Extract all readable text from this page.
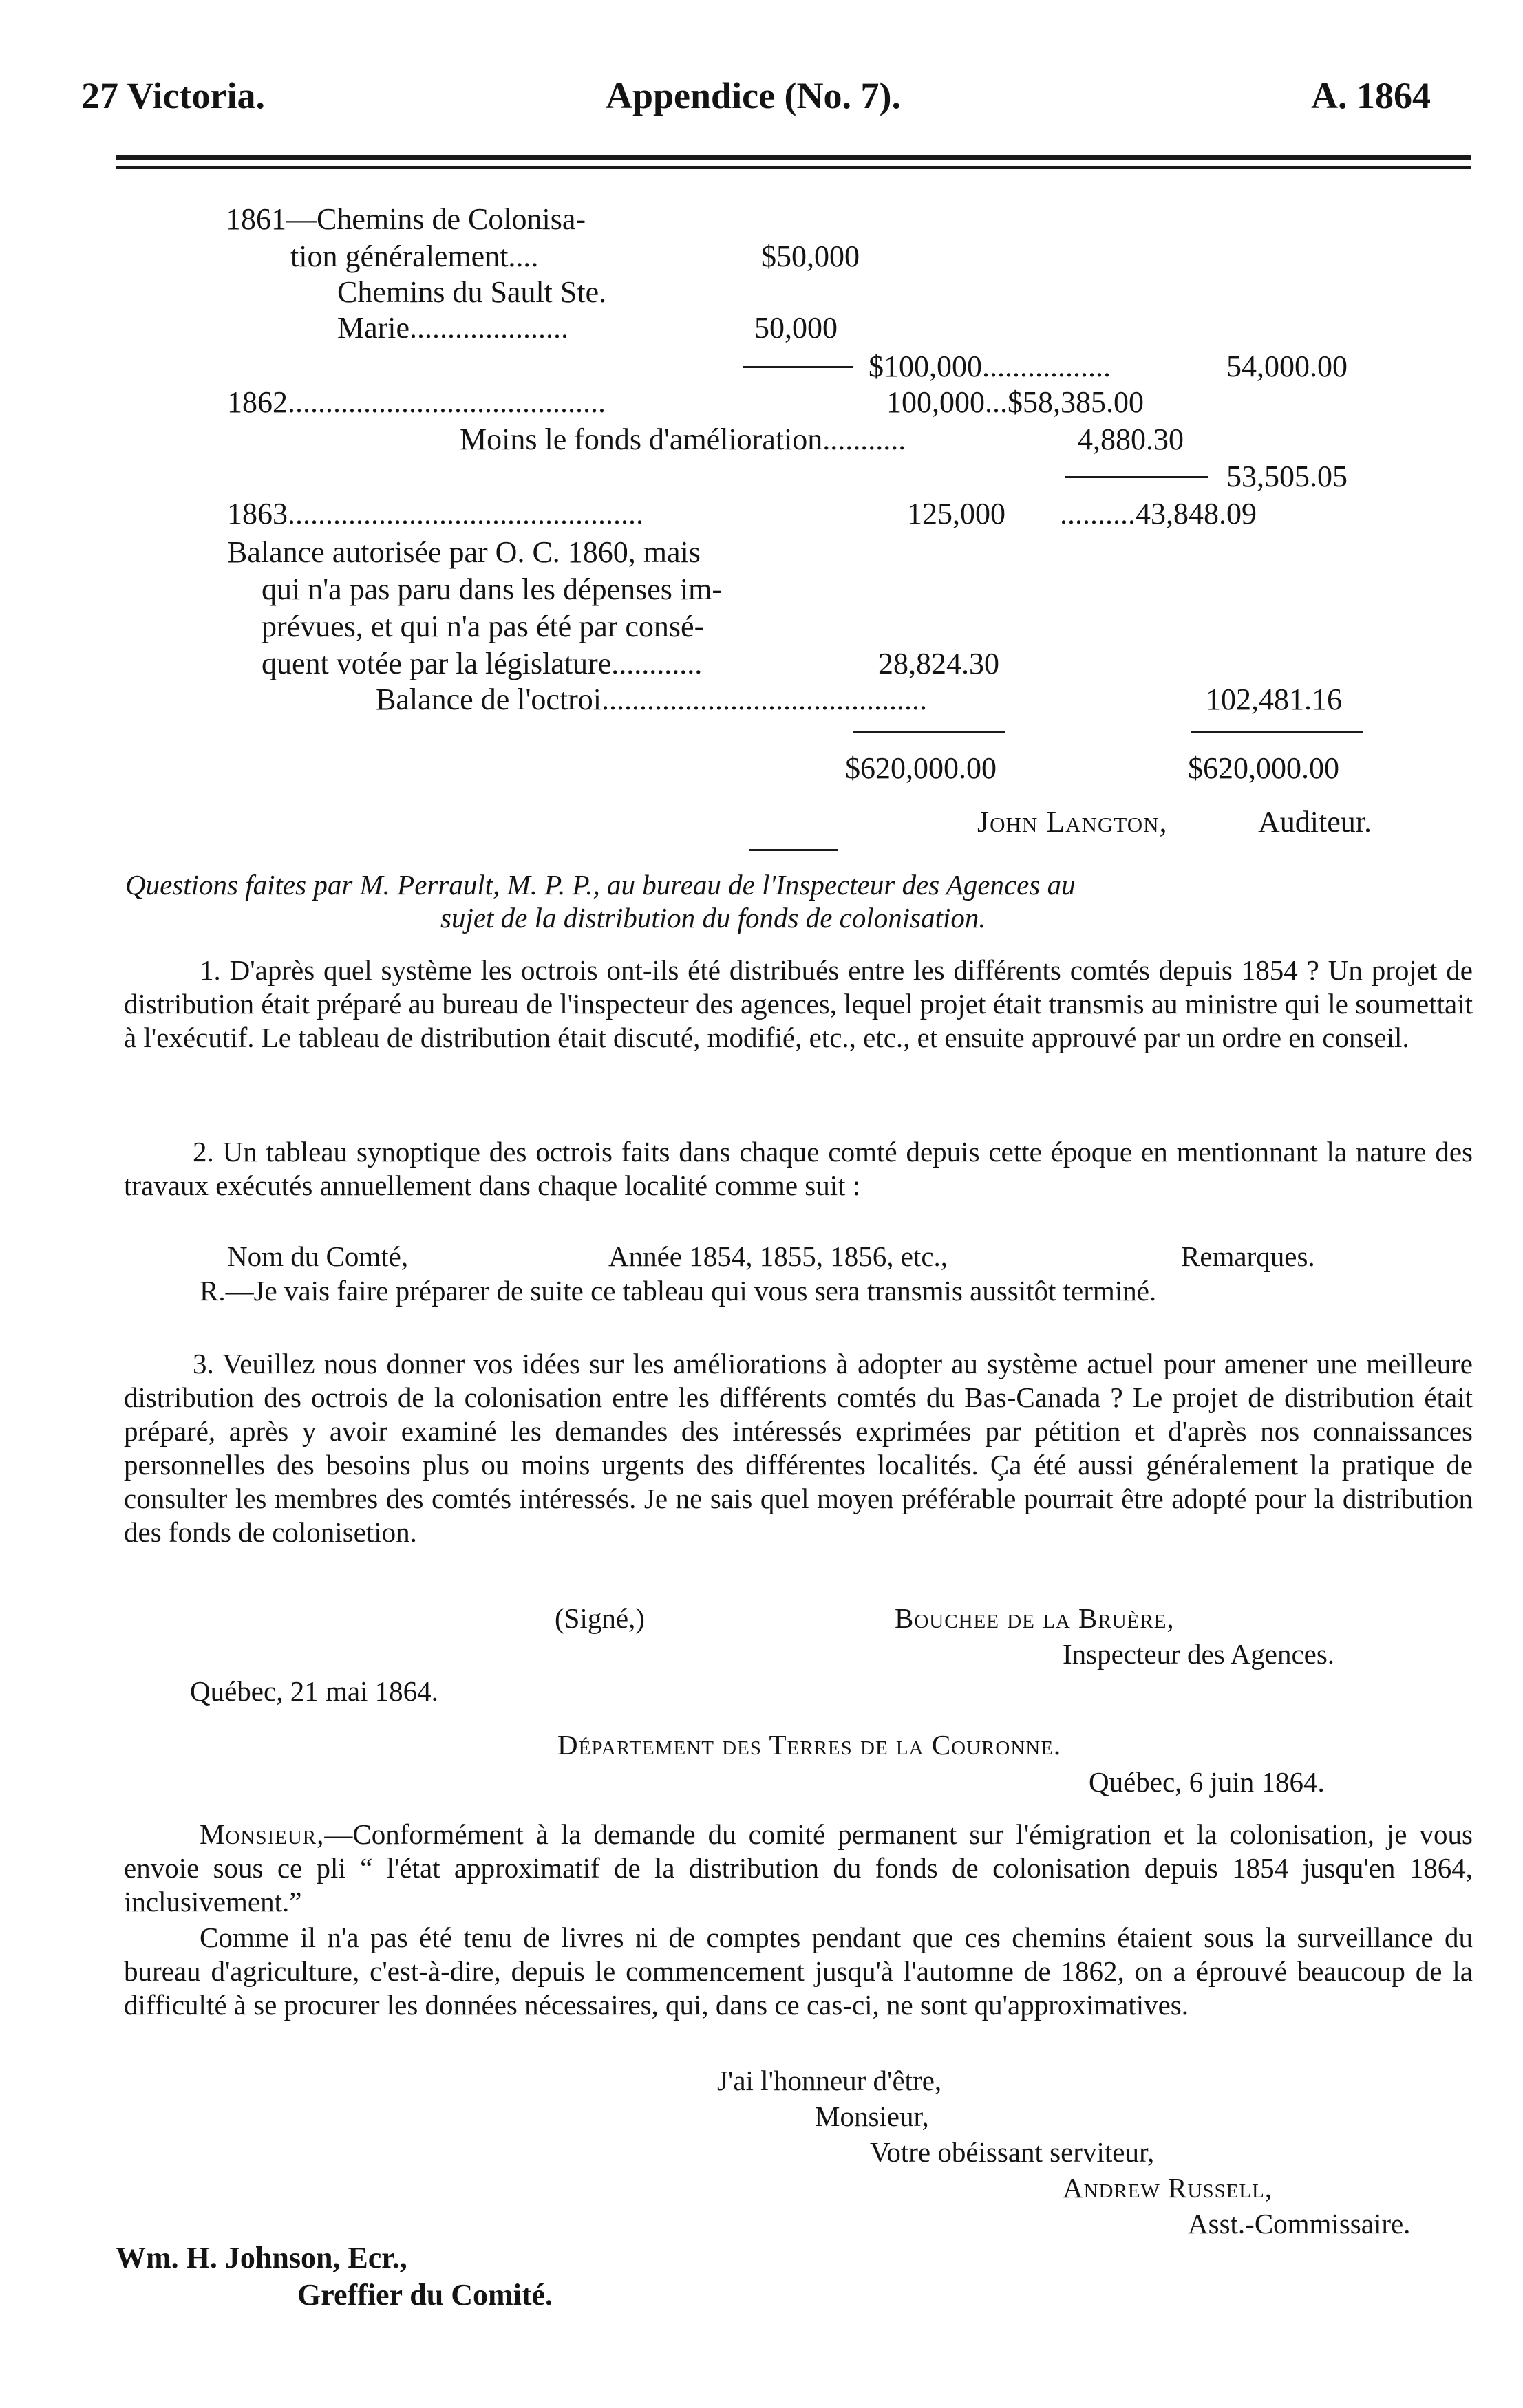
27 Victoria.	Appendice (No. 7).	A. 1864
1861—Chemins de Colonisa-
tion généralement....	$50,000
Chemins du Sault Ste.
Marie.....................	50,000
$100,000.................	54,000.00
1862..........................................	100,000...$58,385.00
Moins le fonds d'amélioration...........	4,880.30
53,505.05
1863...............................................	125,000 ..........43,848.09
Balance autorisée par O. C. 1860, mais
qui n'a pas paru dans les dépenses im-
prévues, et qui n'a pas été par consé-
quent votée par la législature............	28,824.30
Balance de l'octroi...........................................	102,481.16
$620,000.00	$620,000.00
John Langton,	Auditeur.
Questions faites par M. Perrault, M. P. P., au bureau de l'Inspecteur des Agences au
sujet de la distribution du fonds de colonisation.
1. D'après quel système les octrois ont-ils été distribués entre les différents comtés depuis 1854 ? Un projet de distribution était préparé au bureau de l'inspecteur des agences, lequel projet était transmis au ministre qui le soumettait à l'exécutif. Le tableau de distribution était discuté, modifié, etc., etc., et ensuite approuvé par un ordre en conseil.
2. Un tableau synoptique des octrois faits dans chaque comté depuis cette époque en mentionnant la nature des travaux exécutés annuellement dans chaque localité comme suit :
Nom du Comté,	Année 1854, 1855, 1856, etc.,	Remarques.
R.—Je vais faire préparer de suite ce tableau qui vous sera transmis aussitôt terminé.
3. Veuillez nous donner vos idées sur les améliorations à adopter au système actuel pour amener une meilleure distribution des octrois de la colonisation entre les différents comtés du Bas-Canada ? Le projet de distribution était préparé, après y avoir examiné les demandes des intéressés exprimées par pétition et d'après nos connaissances personnelles des besoins plus ou moins urgents des différentes localités. Ça été aussi généralement la pratique de consulter les membres des comtés intéressés. Je ne sais quel moyen préférable pourrait être adopté pour la distribution des fonds de colonisetion.
(Signé,)	Bouchee de la Bruère,
Inspecteur des Agences.
Québec, 21 mai 1864.
Département des Terres de la Couronne.
Québec, 6 juin 1864.
Monsieur,—Conformément à la demande du comité permanent sur l'émigration et la colonisation, je vous envoie sous ce pli “ l'état approximatif de la distribution du fonds de colonisation depuis 1854 jusqu'en 1864, inclusivement.”
Comme il n'a pas été tenu de livres ni de comptes pendant que ces chemins étaient sous la surveillance du bureau d'agriculture, c'est-à-dire, depuis le commencement jusqu'à l'automne de 1862, on a éprouvé beaucoup de la difficulté à se procurer les données nécessaires, qui, dans ce cas-ci, ne sont qu'approximatives.
J'ai l'honneur d'être,
Monsieur,
Votre obéissant serviteur,
Andrew Russell,
Asst.-Commissaire.
Wm. H. Johnson, Ecr.,
Greffier du Comité.
